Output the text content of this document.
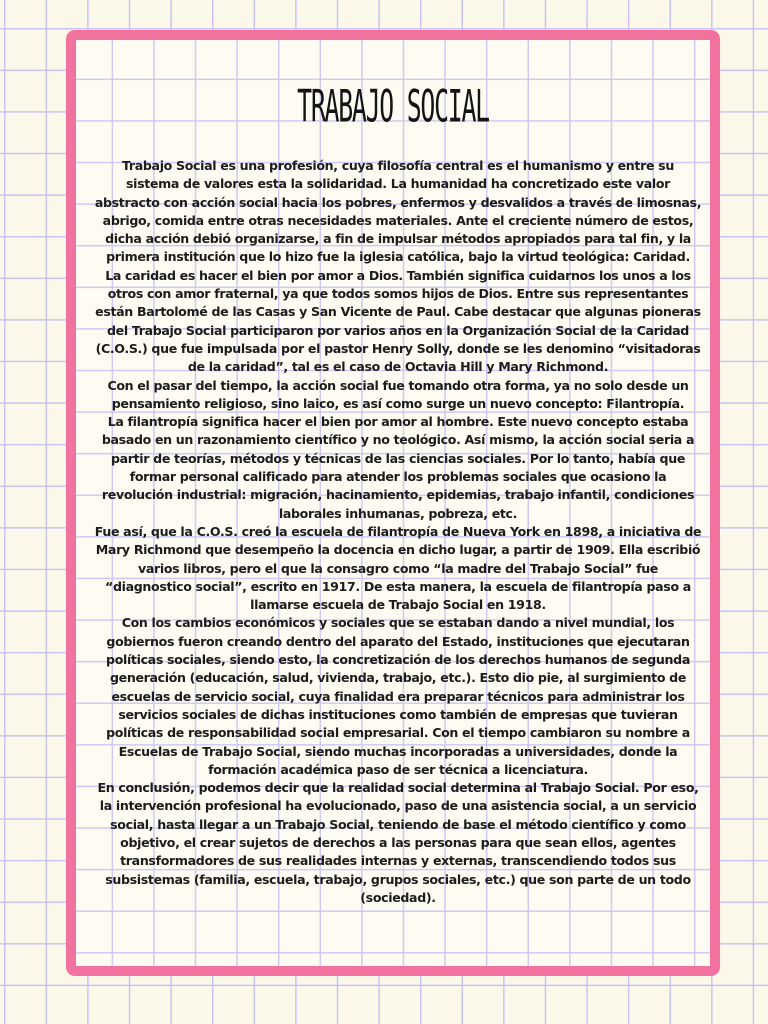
TRABAJO SOCIAL

Trabajo Social es una profesión, cuya filosofía central es el humanismo y entre su sistema de valores esta la solidaridad. La humanidad ha concretizado este valor abstracto con acción social hacia los pobres, enfermos y desvalidos a través de limosnas, abrigo, comida entre otras necesidades materiales. Ante el creciente número de estos, dicha acción debió organizarse, a fin de impulsar métodos apropiados para tal fin, y la primera institución que lo hizo fue la iglesia católica, bajo la virtud teológica: Caridad.

La caridad es hacer el bien por amor a Dios. También significa cuidarnos los unos a los otros con amor fraternal, ya que todos somos hijos de Dios. Entre sus representantes están Bartolomé de las Casas y San Vicente de Paul. Cabe destacar que algunas pioneras del Trabajo Social participaron por varios años en la Organización Social de la Caridad (C.O.S.) que fue impulsada por el pastor Henry Solly, donde se les denomino “visitadoras de la caridad”, tal es el caso de Octavia Hill y Mary Richmond.

Con el pasar del tiempo, la acción social fue tomando otra forma, ya no solo desde un pensamiento religioso, sino laico, es así como surge un nuevo concepto: Filantropía.

La filantropía significa hacer el bien por amor al hombre. Este nuevo concepto estaba basado en un razonamiento científico y no teológico. Así mismo, la acción social seria a partir de teorías, métodos y técnicas de las ciencias sociales. Por lo tanto, había que formar personal calificado para atender los problemas sociales que ocasiono la revolución industrial: migración, hacinamiento, epidemias, trabajo infantil, condiciones laborales inhumanas, pobreza, etc.

Fue así, que la C.O.S. creó la escuela de filantropía de Nueva York en 1898, a iniciativa de Mary Richmond que desempeño la docencia en dicho lugar, a partir de 1909. Ella escribió varios libros, pero el que la consagro como “la madre del Trabajo Social” fue “diagnostico social”, escrito en 1917. De esta manera, la escuela de filantropía paso a llamarse escuela de Trabajo Social en 1918.

Con los cambios económicos y sociales que se estaban dando a nivel mundial, los gobiernos fueron creando dentro del aparato del Estado, instituciones que ejecutaran políticas sociales, siendo esto, la concretización de los derechos humanos de segunda generación (educación, salud, vivienda, trabajo, etc.). Esto dio pie, al surgimiento de escuelas de servicio social, cuya finalidad era preparar técnicos para administrar los servicios sociales de dichas instituciones como también de empresas que tuvieran políticas de responsabilidad social empresarial. Con el tiempo cambiaron su nombre a Escuelas de Trabajo Social, siendo muchas incorporadas a universidades, donde la formación académica paso de ser técnica a licenciatura.

En conclusión, podemos decir que la realidad social determina al Trabajo Social. Por eso, la intervención profesional ha evolucionado, paso de una asistencia social, a un servicio social, hasta llegar a un Trabajo Social, teniendo de base el método científico y como objetivo, el crear sujetos de derechos a las personas para que sean ellos, agentes transformadores de sus realidades internas y externas, transcendiendo todos sus subsistemas (familia, escuela, trabajo, grupos sociales, etc.) que son parte de un todo (sociedad).
